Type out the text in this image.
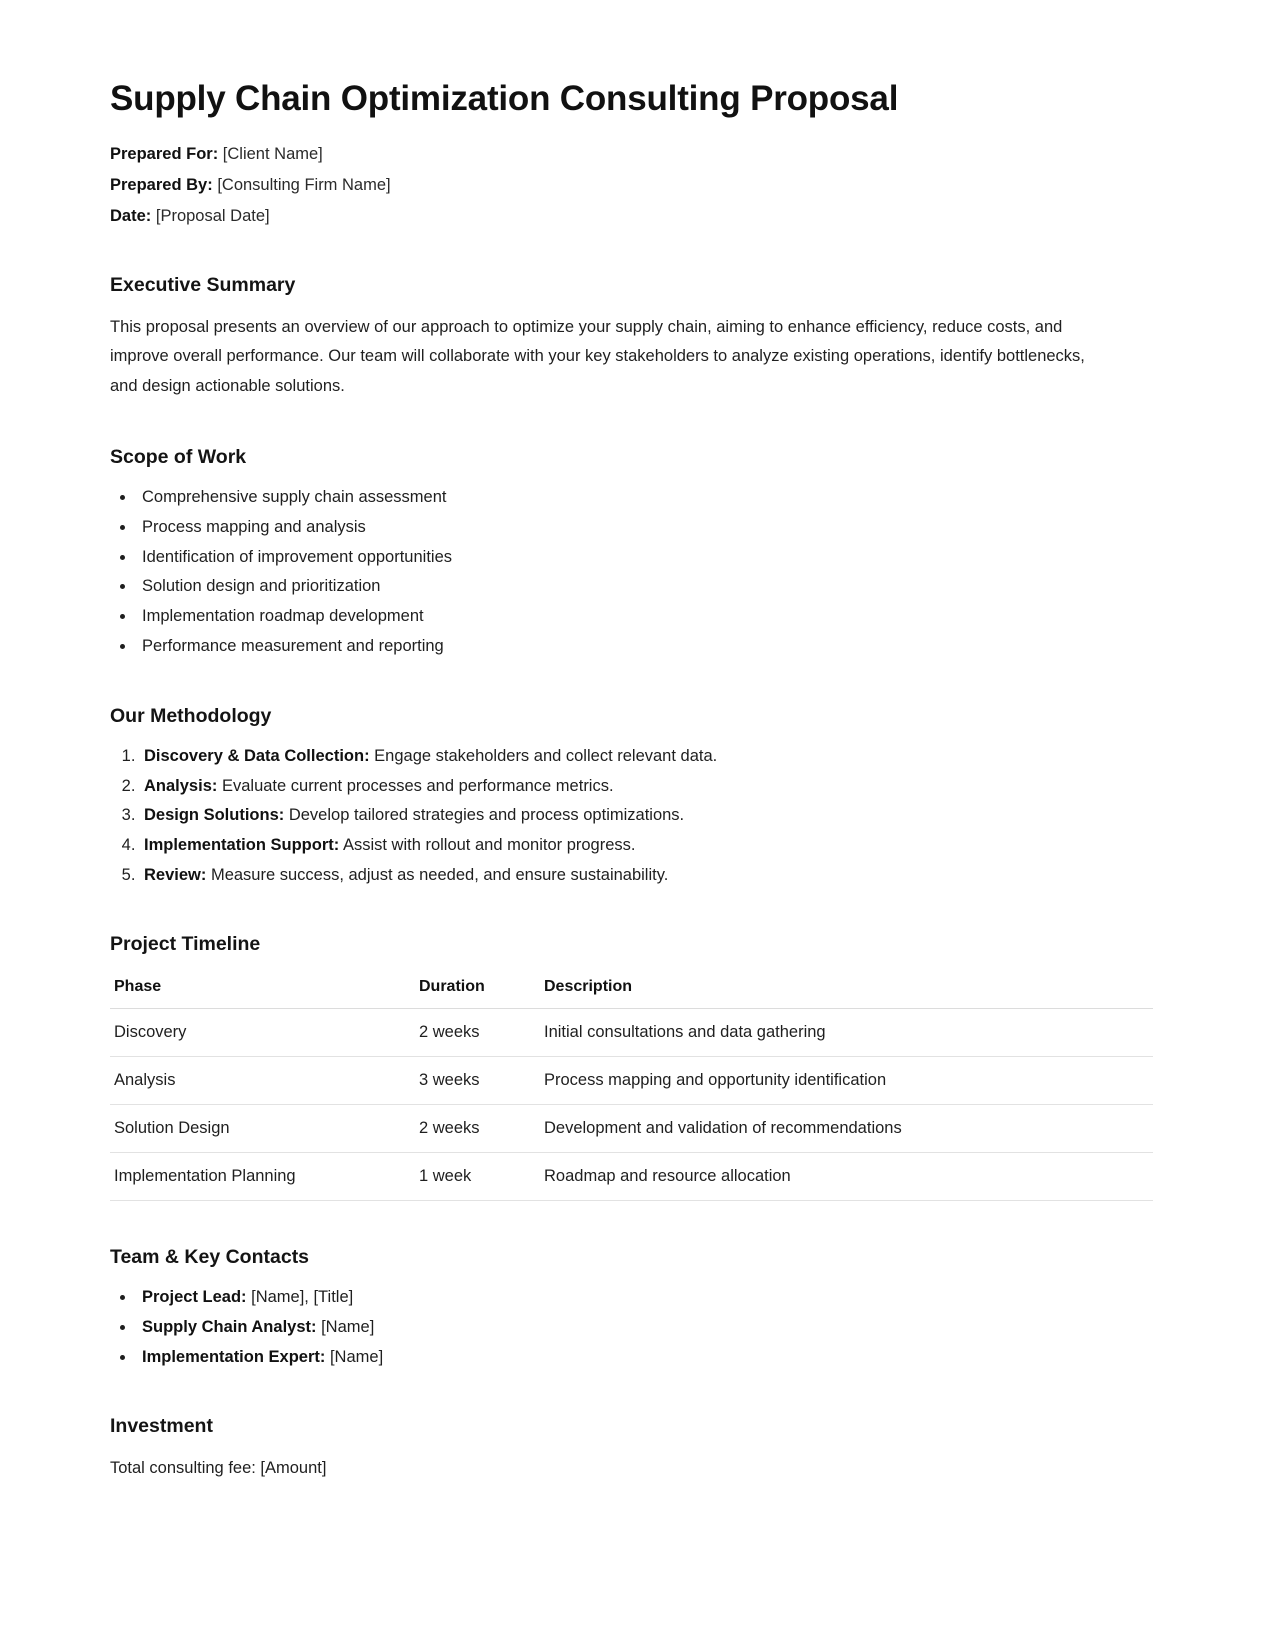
Supply Chain Optimization Consulting Proposal

Prepared For: [Client Name]

Prepared By: [Consulting Firm Name]

Date: [Proposal Date]

Executive Summary

This proposal presents an overview of our approach to optimize your supply chain, aiming to enhance efficiency, reduce costs, and improve overall performance. Our team will collaborate with your key stakeholders to analyze existing operations, identify bottlenecks, and design actionable solutions.

Scope of Work
• Comprehensive supply chain assessment
• Process mapping and analysis
• Identification of improvement opportunities
• Solution design and prioritization
• Implementation roadmap development
• Performance measurement and reporting
Our Methodology
1. Discovery & Data Collection: Engage stakeholders and collect relevant data.
2. Analysis: Evaluate current processes and performance metrics.
3. Design Solutions: Develop tailored strategies and process optimizations.
4. Implementation Support: Assist with rollout and monitor progress.
5. Review: Measure success, adjust as needed, and ensure sustainability.
Project Timeline
Phase	Duration	Description
Discovery	2 weeks	Initial consultations and data gathering
Analysis	3 weeks	Process mapping and opportunity identification
Solution Design	2 weeks	Development and validation of recommendations
Implementation Planning	1 week	Roadmap and resource allocation
Team & Key Contacts
• Project Lead: [Name], [Title]
• Supply Chain Analyst: [Name]
• Implementation Expert: [Name]
Investment

Total consulting fee: [Amount]
